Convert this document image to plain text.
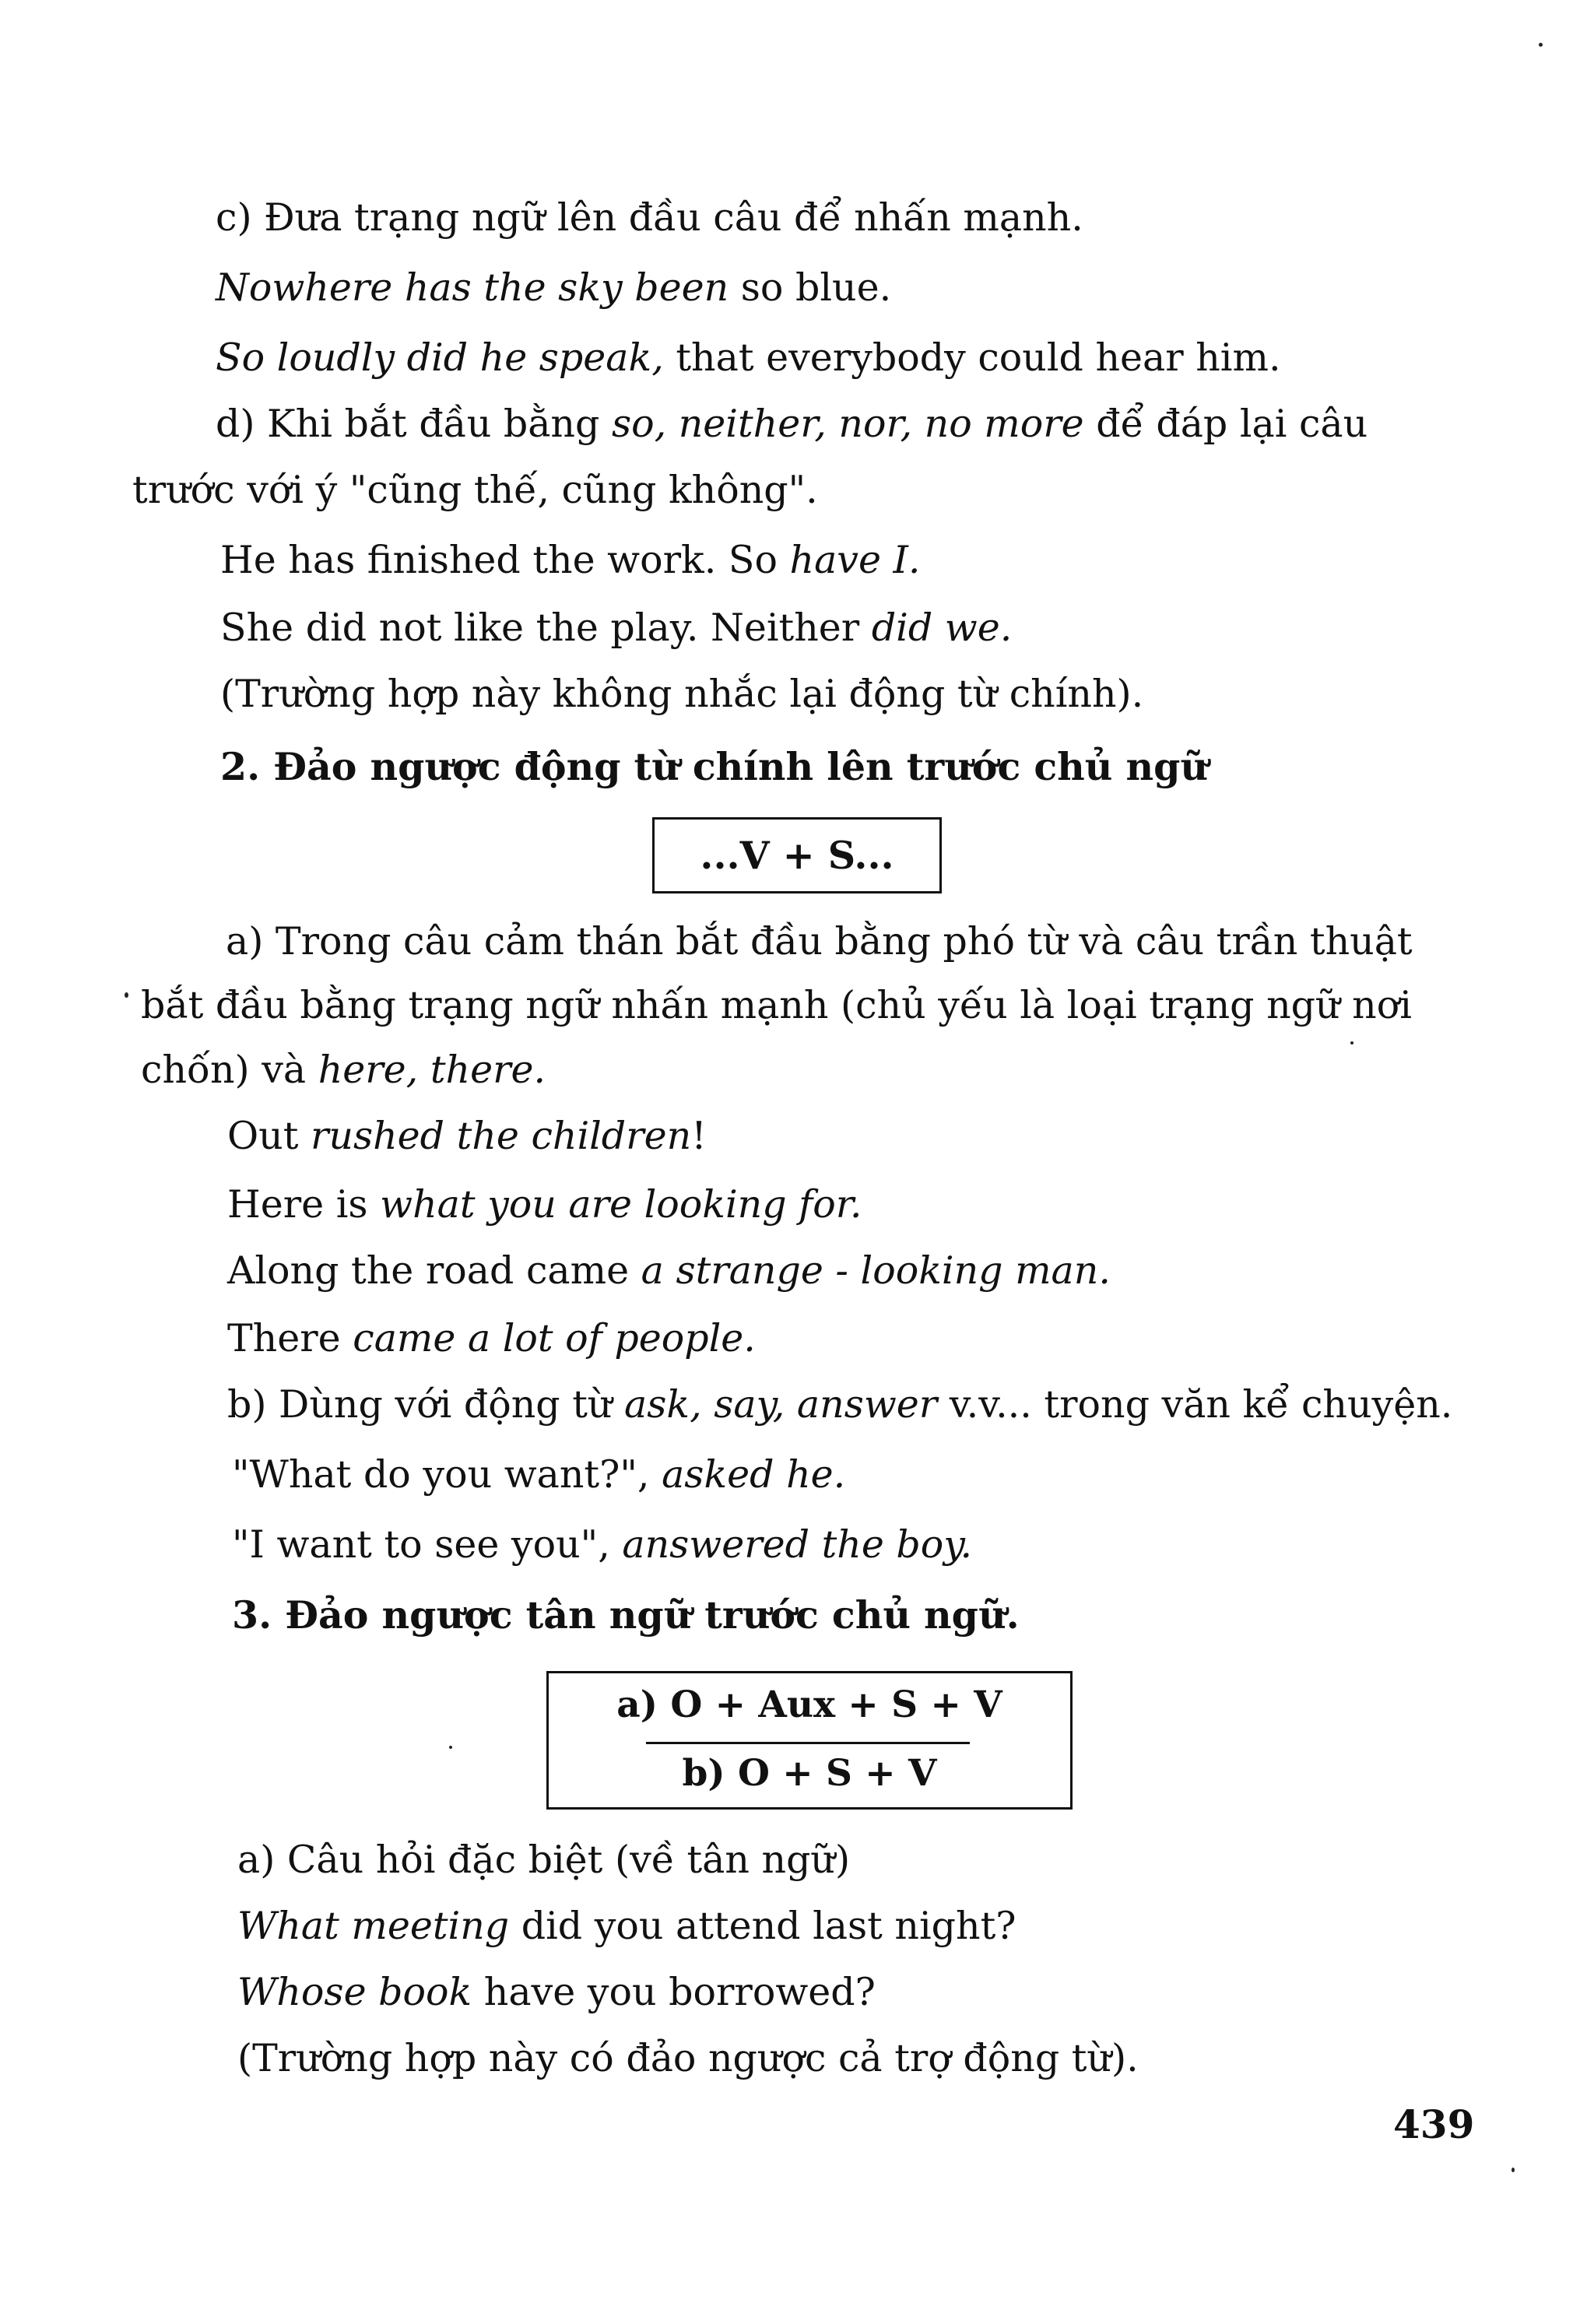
c) Đưa trạng ngữ lên đầu câu để nhấn mạnh.
Nowhere has the sky been so blue.
So loudly did he speak, that everybody could hear him.
d) Khi bắt đầu bằng so, neither, nor, no more để đáp lại câu
trước với ý "cũng thế, cũng không".
He has finished the work. So have I.
She did not like the play. Neither did we.
(Trường hợp này không nhắc lại động từ chính).
2. Đảo ngược động từ chính lên trước chủ ngữ
...V + S...
a) Trong câu cảm thán bắt đầu bằng phó từ và câu trần thuật
bắt đầu bằng trạng ngữ nhấn mạnh (chủ yếu là loại trạng ngữ nơi
chốn) và here, there.
Out rushed the children!
Here is what you are looking for.
Along the road came a strange - looking man.
There came a lot of people.
b) Dùng với động từ ask, say, answer v.v... trong văn kể chuyện.
"What do you want?", asked he.
"I want to see you", answered the boy.
3. Đảo ngược tân ngữ trước chủ ngữ.
a) O + Aux + S + V
b) O + S + V
a) Câu hỏi đặc biệt (về tân ngữ)
What meeting did you attend last night?
Whose book have you borrowed?
(Trường hợp này có đảo ngược cả trợ động từ).
439
